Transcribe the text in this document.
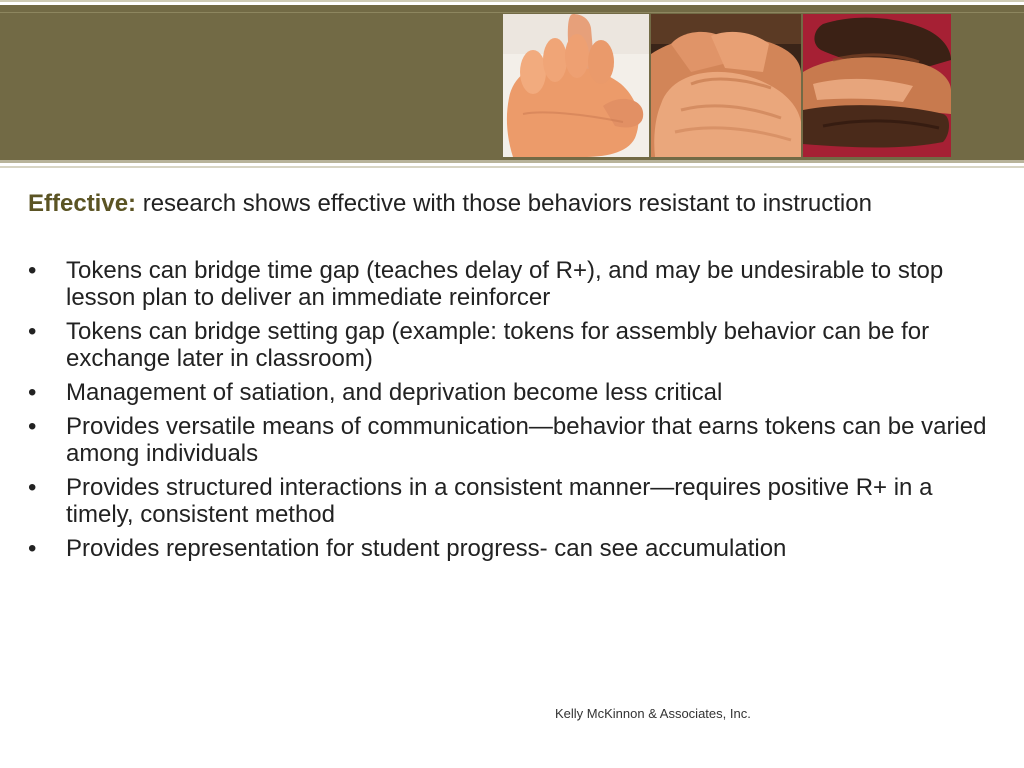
Effective: research shows effective with those behaviors resistant to instruction

•	Tokens can bridge time gap (teaches delay of R+), and may be undesirable to stop lesson plan to deliver an immediate reinforcer
•	Tokens can bridge setting gap (example: tokens for assembly behavior can be for exchange later in classroom)
•	Management of satiation, and deprivation become less critical
•	Provides versatile means of communication—behavior that earns tokens can be varied among individuals
•	Provides structured interactions in a consistent manner—requires positive R+ in a timely, consistent method
•	Provides representation for student progress- can see accumulation
Kelly McKinnon & Associates, Inc.
